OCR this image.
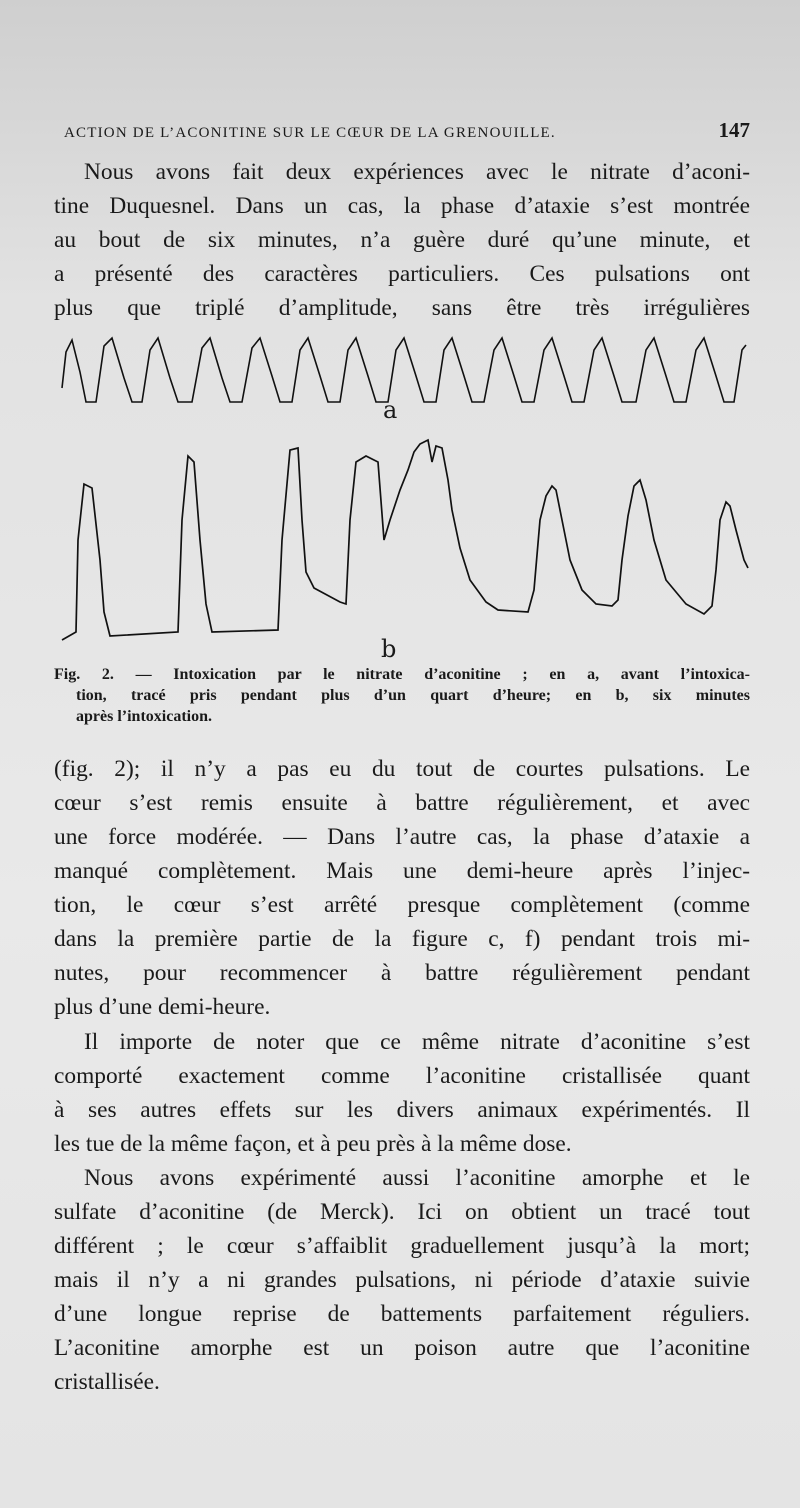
ACTION DE L’ACONITINE SUR LE CŒUR DE LA GRENOUILLE.	147
Nous avons fait deux expériences avec le nitrate d’aconi-
tine Duquesnel. Dans un cas, la phase d’ataxie s’est montrée
au bout de six minutes, n’a guère duré qu’une minute, et
a présenté des caractères particuliers. Ces pulsations ont
plus que triplé d’amplitude, sans être très irrégulières
a
b
Fig. 2. — Intoxication par le nitrate d’aconitine ; en a, avant l’intoxica-
tion, tracé pris pendant plus d’un quart d’heure; en b, six minutes
après l’intoxication.
(fig. 2); il n’y a pas eu du tout de courtes pulsations. Le
cœur s’est remis ensuite à battre régulièrement, et avec
une force modérée. — Dans l’autre cas, la phase d’ataxie a
manqué complètement. Mais une demi-heure après l’injec-
tion, le cœur s’est arrêté presque complètement (comme
dans la première partie de la figure c, f) pendant trois mi-
nutes, pour recommencer à battre régulièrement pendant
plus d’une demi-heure.
Il importe de noter que ce même nitrate d’aconitine s’est
comporté exactement comme l’aconitine cristallisée quant
à ses autres effets sur les divers animaux expérimentés. Il
les tue de la même façon, et à peu près à la même dose.
Nous avons expérimenté aussi l’aconitine amorphe et le
sulfate d’aconitine (de Merck). Ici on obtient un tracé tout
différent ; le cœur s’affaiblit graduellement jusqu’à la mort;
mais il n’y a ni grandes pulsations, ni période d’ataxie suivie
d’une longue reprise de battements parfaitement réguliers.
L’aconitine amorphe est un poison autre que l’aconitine
cristallisée.
